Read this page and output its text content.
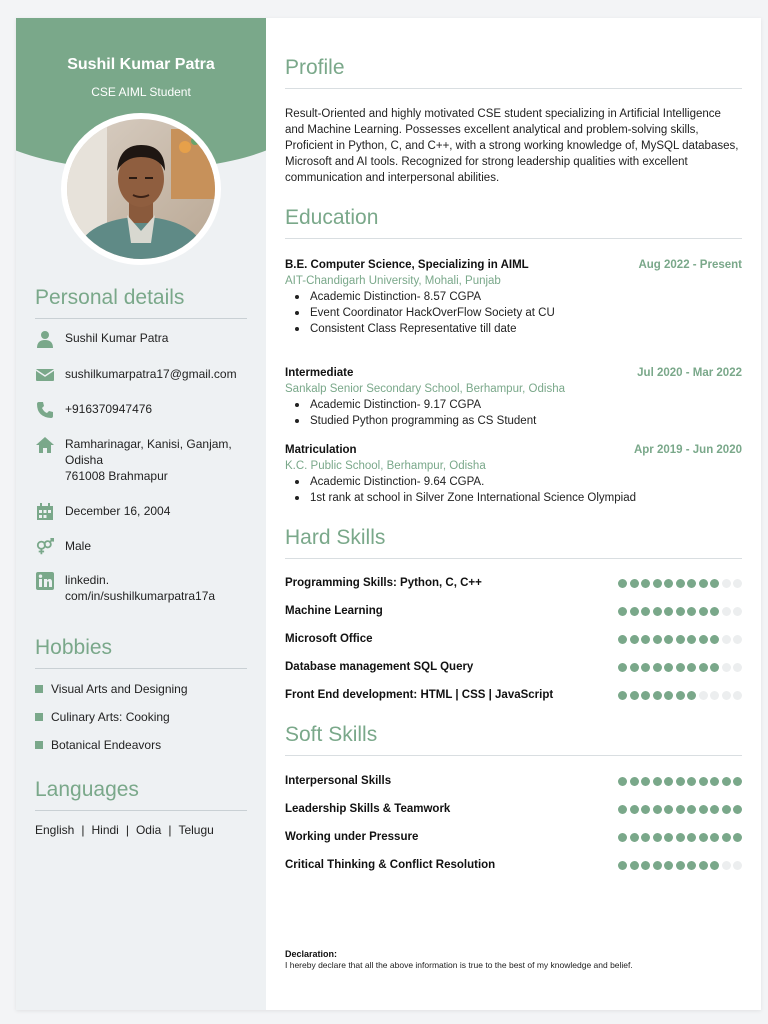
Sushil Kumar Patra
CSE AIML Student
Personal details
Sushil Kumar Patra
sushilkumarpatra17@gmail.com
+916370947476
Ramharinagar, Kanisi, Ganjam,
Odisha
761008 Brahmapur
December 16, 2004
Male
linkedin.
com/in/sushilkumarpatra17a
Hobbies
Visual Arts and Designing
Culinary Arts: Cooking
Botanical Endeavors
Languages
English | Hindi | Odia | Telugu
Profile
Result-Oriented and highly motivated CSE student specializing in Artificial Intelligence and Machine Learning. Possesses excellent analytical and problem-solving skills, Proficient in Python, C, and C++, with a strong working knowledge of, MySQL databases, Microsoft and AI tools. Recognized for strong leadership qualities with excellent communication and interpersonal abilities.
Education
B.E. Computer Science, Specializing in AIML	Aug 2022 - Present
AIT-Chandigarh University, Mohali, Punjab
Academic Distinction- 8.57 CGPA
Event Coordinator HackOverFlow Society at CU
Consistent Class Representative till date
Intermediate	Jul 2020 - Mar 2022
Sankalp Senior Secondary School, Berhampur, Odisha
Academic Distinction- 9.17 CGPA
Studied Python programming as CS Student
Matriculation	Apr 2019 - Jun 2020
K.C. Public School, Berhampur, Odisha
Academic Distinction- 9.64 CGPA.
1st rank at school in Silver Zone International Science Olympiad
Hard Skills
Programming Skills: Python, C, C++
Machine Learning
Microsoft Office
Database management SQL Query
Front End development: HTML | CSS | JavaScript
Soft Skills
Interpersonal Skills
Leadership Skills & Teamwork
Working under Pressure
Critical Thinking & Conflict Resolution
Declaration:
I hereby declare that all the above information is true to the best of my knowledge and belief.
